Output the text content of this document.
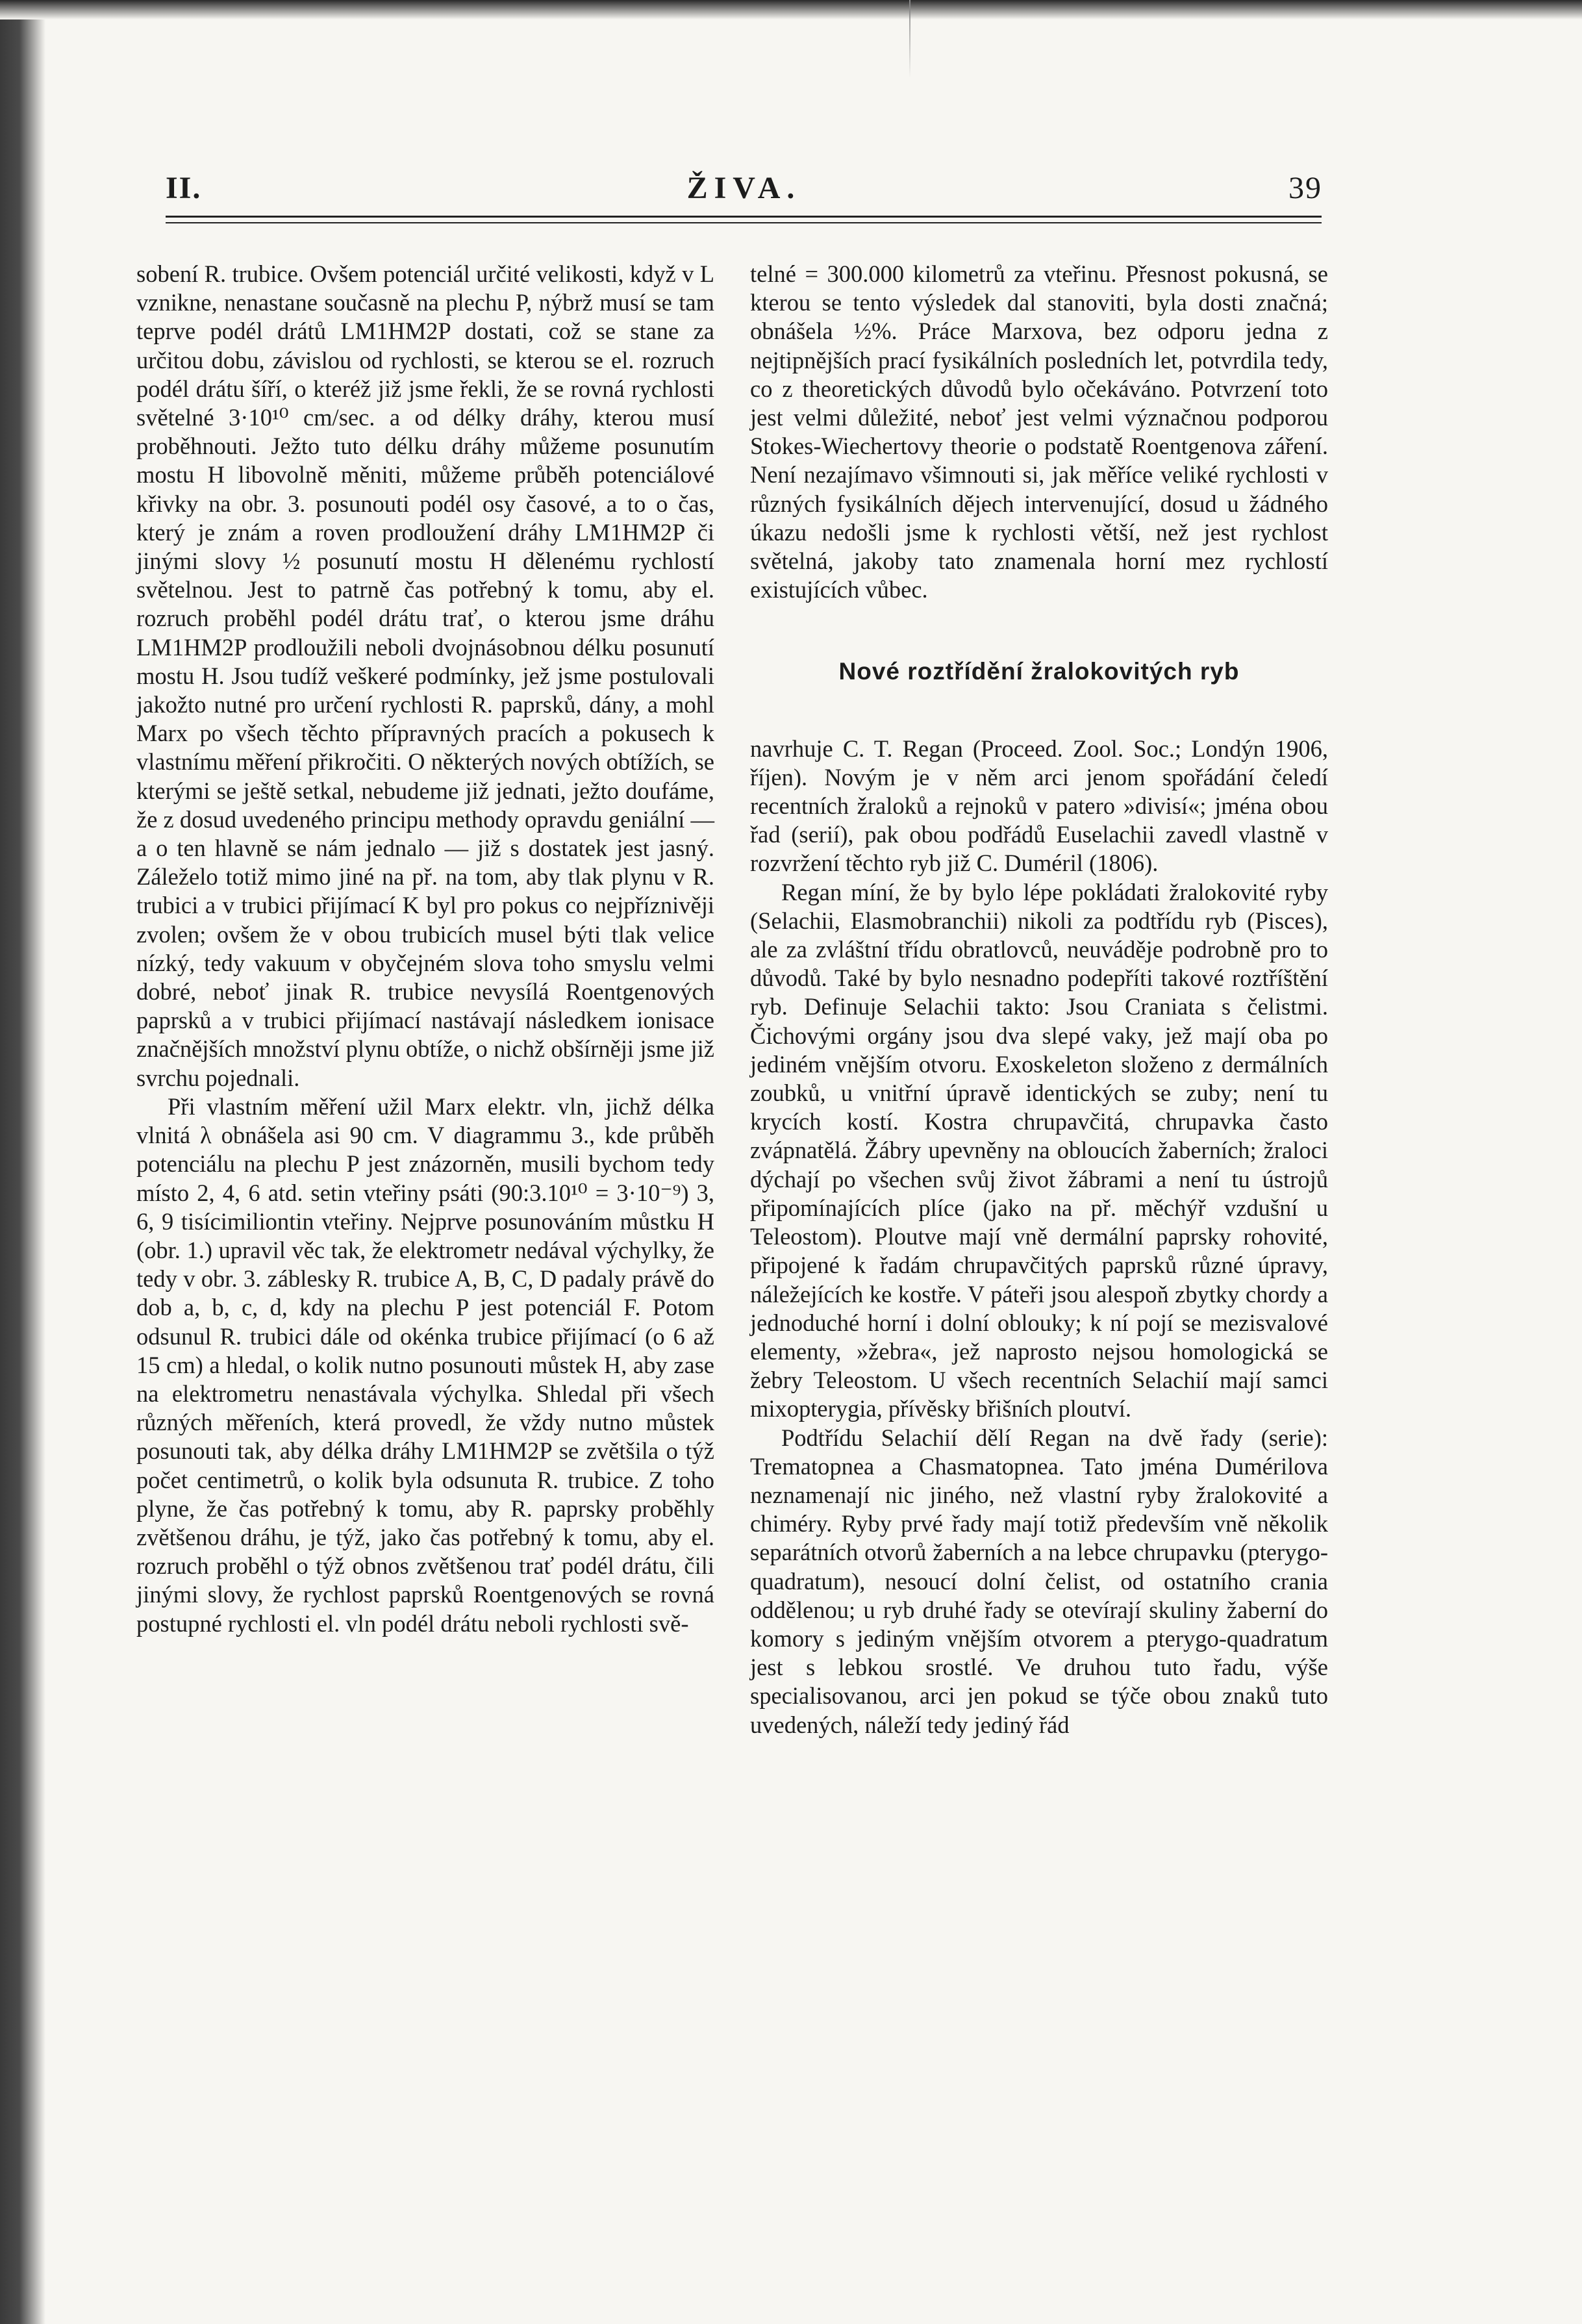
II.	ŽIVA.	39

sobení R. trubice. Ovšem potenciál určité velikosti, když v L vznikne, nenastane současně na plechu P, nýbrž musí se tam teprve podél drátů LM1HM2P dostati, což se stane za určitou dobu, závislou od rychlosti, se kterou se el. rozruch podél drátu šíří, o kteréž již jsme řekli, že se rovná rychlosti světelné 3·10¹⁰ cm/sec. a od délky dráhy, kterou musí proběhnouti. Ježto tuto délku dráhy můžeme posunutím mostu H libovolně měniti, můžeme průběh potenciálové křivky na obr. 3. posunouti podél osy časové, a to o čas, který je znám a roven prodloužení dráhy LM1HM2P či jinými slovy ½ posunutí mostu H dělenému rychlostí světelnou. Jest to patrně čas potřebný k tomu, aby el. rozruch proběhl podél drátu trať, o kterou jsme dráhu LM1HM2P prodloužili neboli dvojnásobnou délku posunutí mostu H. Jsou tudíž veškeré podmínky, jež jsme postulovali jakožto nutné pro určení rychlosti R. paprsků, dány, a mohl Marx po všech těchto přípravných pracích a pokusech k vlastnímu měření přikročiti. O některých nových obtížích, se kterými se ještě setkal, nebudeme již jednati, ježto doufáme, že z dosud uvedeného principu methody opravdu geniální — a o ten hlavně se nám jednalo — již s dostatek jest jasný. Záleželo totiž mimo jiné na př. na tom, aby tlak plynu v R. trubici a v trubici přijímací K byl pro pokus co nejpříznivěji zvolen; ovšem že v obou trubicích musel býti tlak velice nízký, tedy vakuum v obyčejném slova toho smyslu velmi dobré, neboť jinak R. trubice nevysílá Roentgenových paprsků a v trubici přijímací nastávají následkem ionisace značnějších množství plynu obtíže, o nichž obšírněji jsme již svrchu pojednali.

Při vlastním měření užil Marx elektr. vln, jichž délka vlnitá λ obnášela asi 90 cm. V diagrammu 3., kde průběh potenciálu na plechu P jest znázorněn, musili bychom tedy místo 2, 4, 6 atd. setin vteřiny psáti (90:3.10¹⁰ = 3·10⁻⁹) 3, 6, 9 tisícimiliontin vteřiny. Nejprve posunováním můstku H (obr. 1.) upravil věc tak, že elektrometr nedával výchylky, že tedy v obr. 3. záblesky R. trubice A, B, C, D padaly právě do dob a, b, c, d, kdy na plechu P jest potenciál F. Potom odsunul R. trubici dále od okénka trubice přijímací (o 6 až 15 cm) a hledal, o kolik nutno posunouti můstek H, aby zase na elektrometru nenastávala výchylka. Shledal při všech různých měřeních, která provedl, že vždy nutno můstek posunouti tak, aby délka dráhy LM1HM2P se zvětšila o týž počet centimetrů, o kolik byla odsunuta R. trubice. Z toho plyne, že čas potřebný k tomu, aby R. paprsky proběhly zvětšenou dráhu, je týž, jako čas potřebný k tomu, aby el. rozruch proběhl o týž obnos zvětšenou trať podél drátu, čili jinými slovy, že rychlost paprsků Roentgenových se rovná postupné rychlosti el. vln podél drátu neboli rychlosti svě-

telné = 300.000 kilometrů za vteřinu. Přesnost pokusná, se kterou se tento výsledek dal stanoviti, byla dosti značná; obnášela ½%. Práce Marxova, bez odporu jedna z nejtipnějších prací fysikálních posledních let, potvrdila tedy, co z theoretických důvodů bylo očekáváno. Potvrzení toto jest velmi důležité, neboť jest velmi význačnou podporou Stokes-Wiechertovy theorie o podstatě Roentgenova záření. Není nezajímavo všimnouti si, jak měříce veliké rychlosti v různých fysikálních dějech intervenující, dosud u žádného úkazu nedošli jsme k rychlosti větší, než jest rychlost světelná, jakoby tato znamenala horní mez rychlostí existujících vůbec.

Nové roztřídění žralokovitých ryb

navrhuje C. T. Regan (Proceed. Zool. Soc.; Londýn 1906, říjen). Novým je v něm arci jenom spořádání čeledí recentních žraloků a rejnoků v patero »divisí«; jména obou řad (serií), pak obou podřádů Euselachii zavedl vlastně v rozvržení těchto ryb již C. Duméril (1806).

Regan míní, že by bylo lépe pokládati žralokovité ryby (Selachii, Elasmobranchii) nikoli za podtřídu ryb (Pisces), ale za zvláštní třídu obratlovců, neuváděje podrobně pro to důvodů. Také by bylo nesnadno podepříti takové roztříštění ryb. Definuje Selachii takto: Jsou Craniata s čelistmi. Čichovými orgány jsou dva slepé vaky, jež mají oba po jediném vnějším otvoru. Exoskeleton složeno z dermálních zoubků, u vnitřní úpravě identických se zuby; není tu krycích kostí. Kostra chrupavčitá, chrupavka často zvápnatělá. Žábry upevněny na obloucích žaberních; žraloci dýchají po všechen svůj život žábrami a není tu ústrojů připomínajících plíce (jako na př. měchýř vzdušní u Teleostom). Ploutve mají vně dermální paprsky rohovité, připojené k řadám chrupavčitých paprsků různé úpravy, náležejících ke kostře. V páteři jsou alespoň zbytky chordy a jednoduché horní i dolní oblouky; k ní pojí se mezisvalové elementy, »žebra«, jež naprosto nejsou homologická se žebry Teleostom. U všech recentních Selachií mají samci mixopterygia, přívěsky břišních ploutví.

Podtřídu Selachií dělí Regan na dvě řady (serie): Trematopnea a Chasmatopnea. Tato jména Dumérilova neznamenají nic jiného, než vlastní ryby žralokovité a chiméry. Ryby prvé řady mají totiž především vně několik separátních otvorů žaberních a na lebce chrupavku (pterygo-quadratum), nesoucí dolní čelist, od ostatního crania oddělenou; u ryb druhé řady se otevírají skuliny žaberní do komory s jediným vnějším otvorem a pterygo-quadratum jest s lebkou srostlé. Ve druhou tuto řadu, výše specialisovanou, arci jen pokud se týče obou znaků tuto uvedených, náleží tedy jediný řád
